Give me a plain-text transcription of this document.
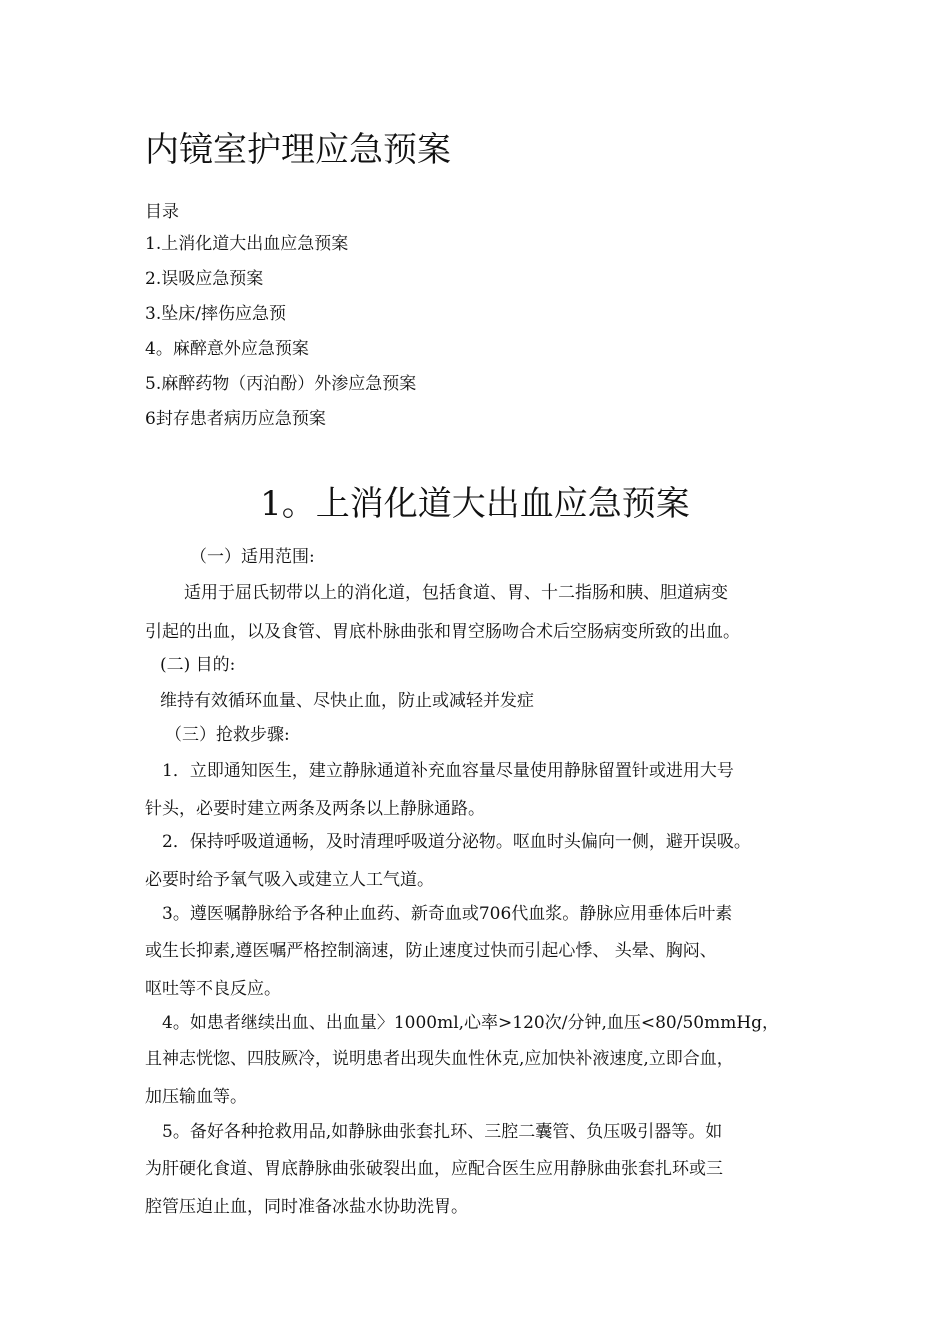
内镜室护理应急预案
目录
1.上消化道大出血应急预案
2.误吸应急预案
3.坠床/摔伤应急预
4。麻醉意外应急预案
5.麻醉药物（丙泊酚）外渗应急预案
6封存患者病历应急预案
1。上消化道大出血应急预案
（一）适用范围:
适用于屈氏韧带以上的消化道，包括食道、胃、十二指肠和胰、胆道病变
引起的出血，以及食管、胃底朴脉曲张和胃空肠吻合术后空肠病变所致的出血。
(二) 目的:
维持有效循环血量、尽快止血，防止或减轻并发症
（三）抢救步骤:
1．立即通知医生，建立静脉通道补充血容量尽量使用静脉留置针或进用大号
针头，必要时建立两条及两条以上静脉通路。
2．保持呼吸道通畅，及时清理呼吸道分泌物。呕血时头偏向一侧，避开误吸。
必要时给予氧气吸入或建立人工气道。
3。遵医嘱静脉给予各种止血药、新奇血或706代血浆。静脉应用垂体后叶素
或生长抑素,遵医嘱严格控制滴速，防止速度过快而引起心悸、 头晕、胸闷、
呕吐等不良反应。
4。如患者继续出血、出血量〉1000ml,心率>120次/分钟,血压<80/50mmHg，
且神志恍惚、四肢厥冷，说明患者出现失血性休克,应加快补液速度,立即合血，
加压输血等。
5。备好各种抢救用品,如静脉曲张套扎环、三腔二囊管、负压吸引器等。如
为肝硬化食道、胃底静脉曲张破裂出血，应配合医生应用静脉曲张套扎环或三
腔管压迫止血，同时准备冰盐水协助洗胃。
